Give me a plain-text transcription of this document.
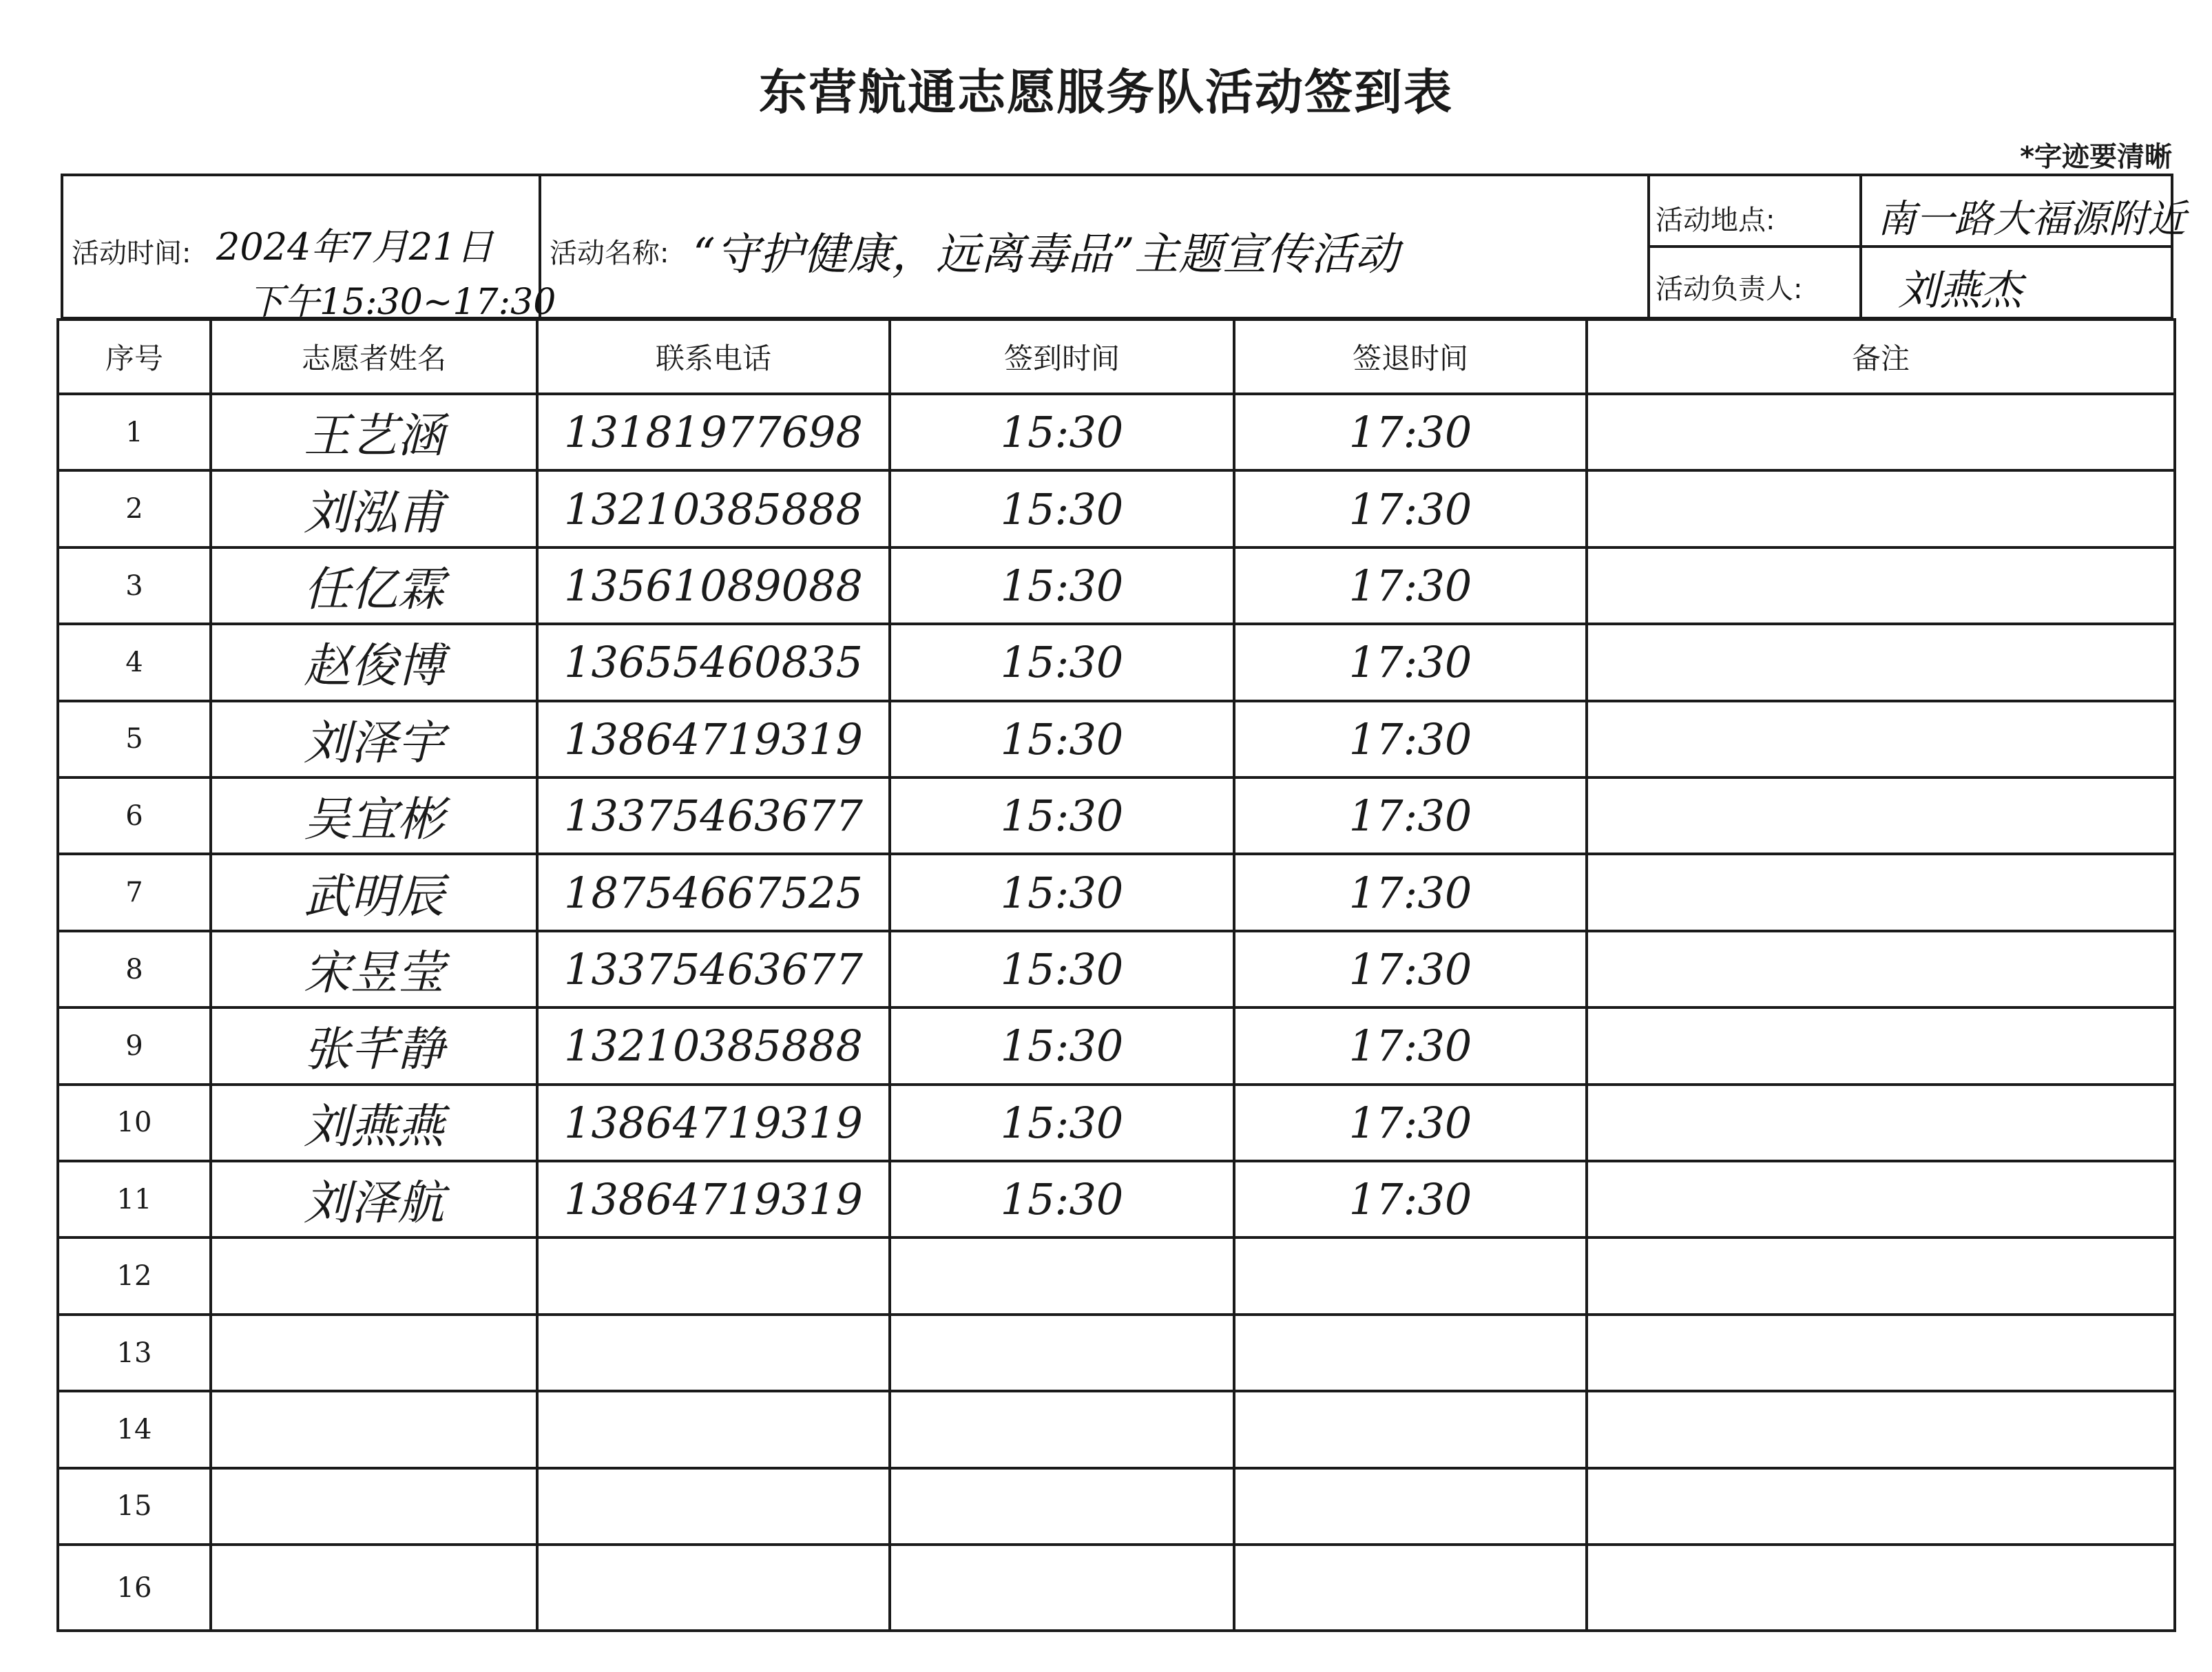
东营航通志愿服务队活动签到表
*字迹要清晰
活动时间: 2024年7月21日
下午15:30~17:30
活动名称: “守护健康，远离毒品”主题宣传活动
活动地点:	南一路大福源附近
活动负责人: 刘燕杰
序号	志愿者姓名	联系电话	签到时间	签退时间	备注
1	王艺涵	13181977698	15:30	17:30	
2	刘泓甫	13210385888	15:30	17:30	
3	任亿霖	13561089088	15:30	17:30	
4	赵俊博	13655460835	15:30	17:30	
5	刘泽宇	13864719319	15:30	17:30	
6	吴宜彬	13375463677	15:30	17:30	
7	武明辰	18754667525	15:30	17:30	
8	宋昱莹	13375463677	15:30	17:30	
9	张芊静	13210385888	15:30	17:30	
10	刘燕燕	13864719319	15:30	17:30	
11	刘泽航	13864719319	15:30	17:30	
12					
13					
14					
15					
16					
